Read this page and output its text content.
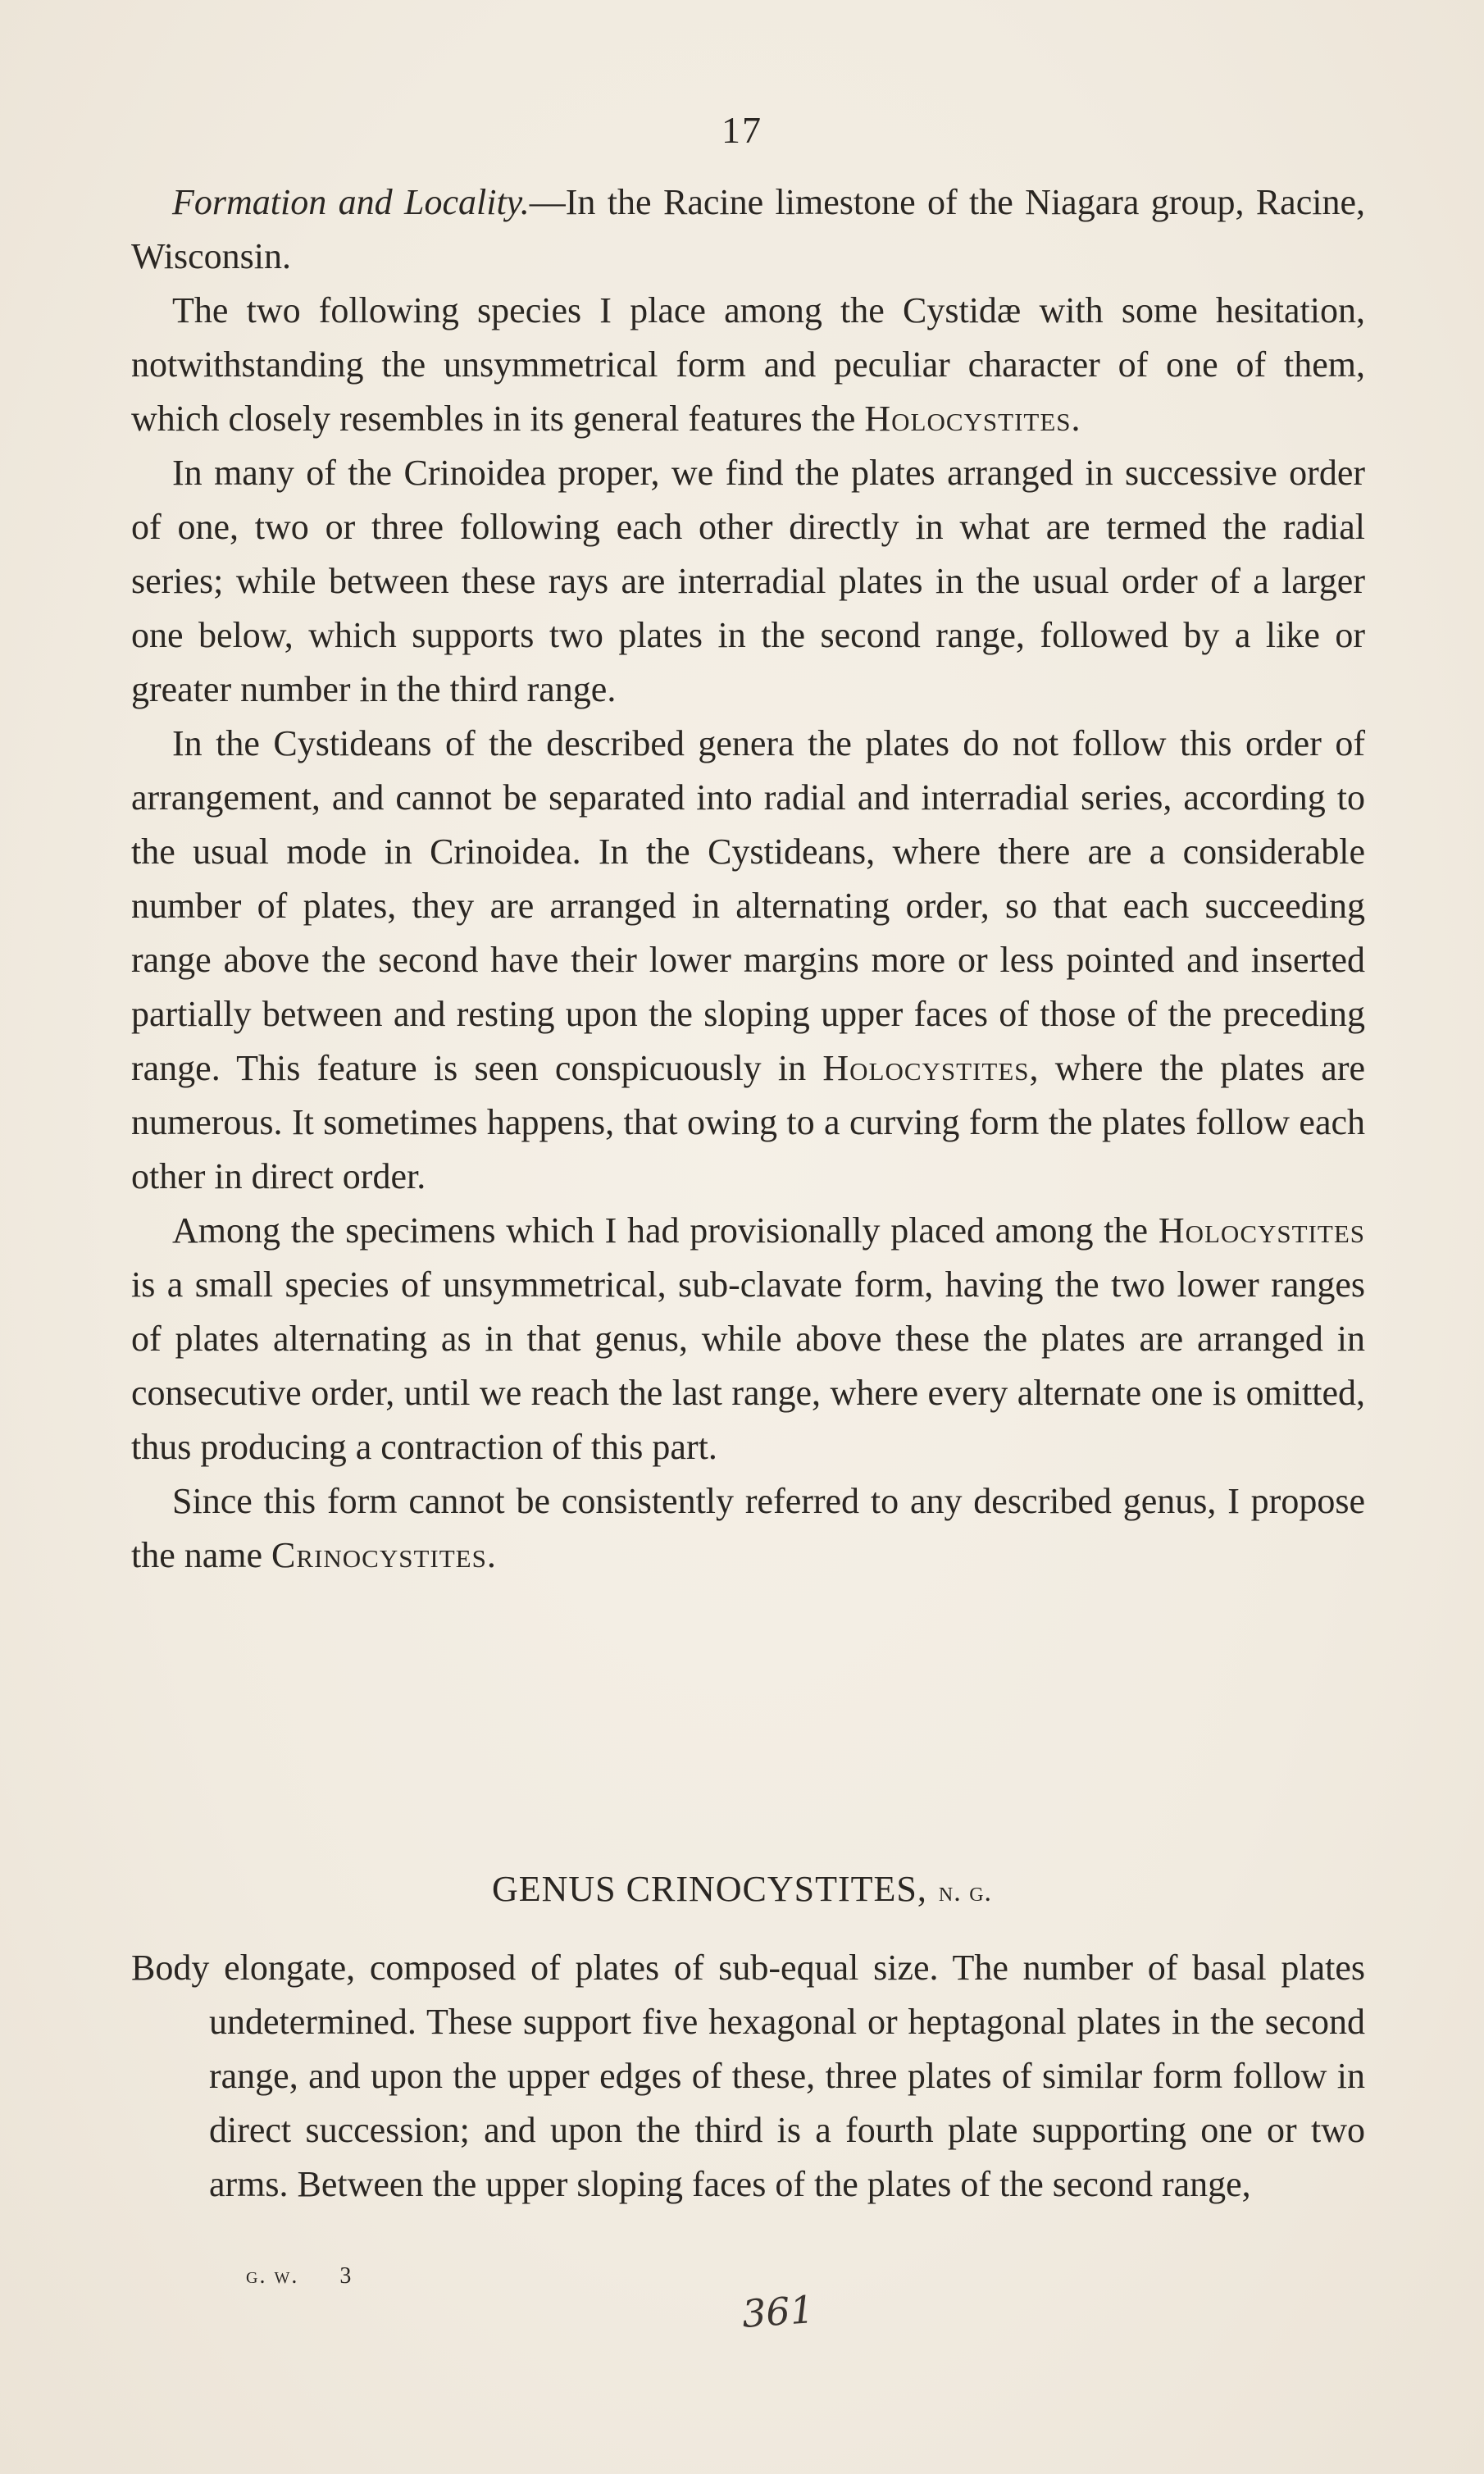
17

Formation and Locality.—In the Racine limestone of the Niagara group, Racine, Wisconsin.

The two following species I place among the Cystidæ with some hesitation, notwithstanding the unsymmetrical form and peculiar character of one of them, which closely resembles in its general features the Holocystites.

In many of the Crinoidea proper, we find the plates arranged in successive order of one, two or three following each other directly in what are termed the radial series; while between these rays are interradial plates in the usual order of a larger one below, which supports two plates in the second range, followed by a like or greater number in the third range.

In the Cystideans of the described genera the plates do not follow this order of arrangement, and cannot be separated into radial and interradial series, according to the usual mode in Crinoidea. In the Cystideans, where there are a considerable number of plates, they are arranged in alternating order, so that each succeeding range above the second have their lower margins more or less pointed and inserted partially between and resting upon the sloping upper faces of those of the preceding range. This feature is seen conspicuously in Holocystites, where the plates are numerous. It sometimes happens, that owing to a curving form the plates follow each other in direct order.

Among the specimens which I had provisionally placed among the Holocystites is a small species of unsymmetrical, sub-clavate form, having the two lower ranges of plates alternating as in that genus, while above these the plates are arranged in consecutive order, until we reach the last range, where every alternate one is omitted, thus producing a contraction of this part.

Since this form cannot be consistently referred to any described genus, I propose the name Crinocystites.

GENUS CRINOCYSTITES, n. g.

Body elongate, composed of plates of sub-equal size. The number of basal plates undetermined. These support five hexagonal or heptagonal plates in the second range, and upon the upper edges of these, three plates of similar form follow in direct succession; and upon the third is a fourth plate supporting one or two arms. Between the upper sloping faces of the plates of the second range,

g. w. 3
361
